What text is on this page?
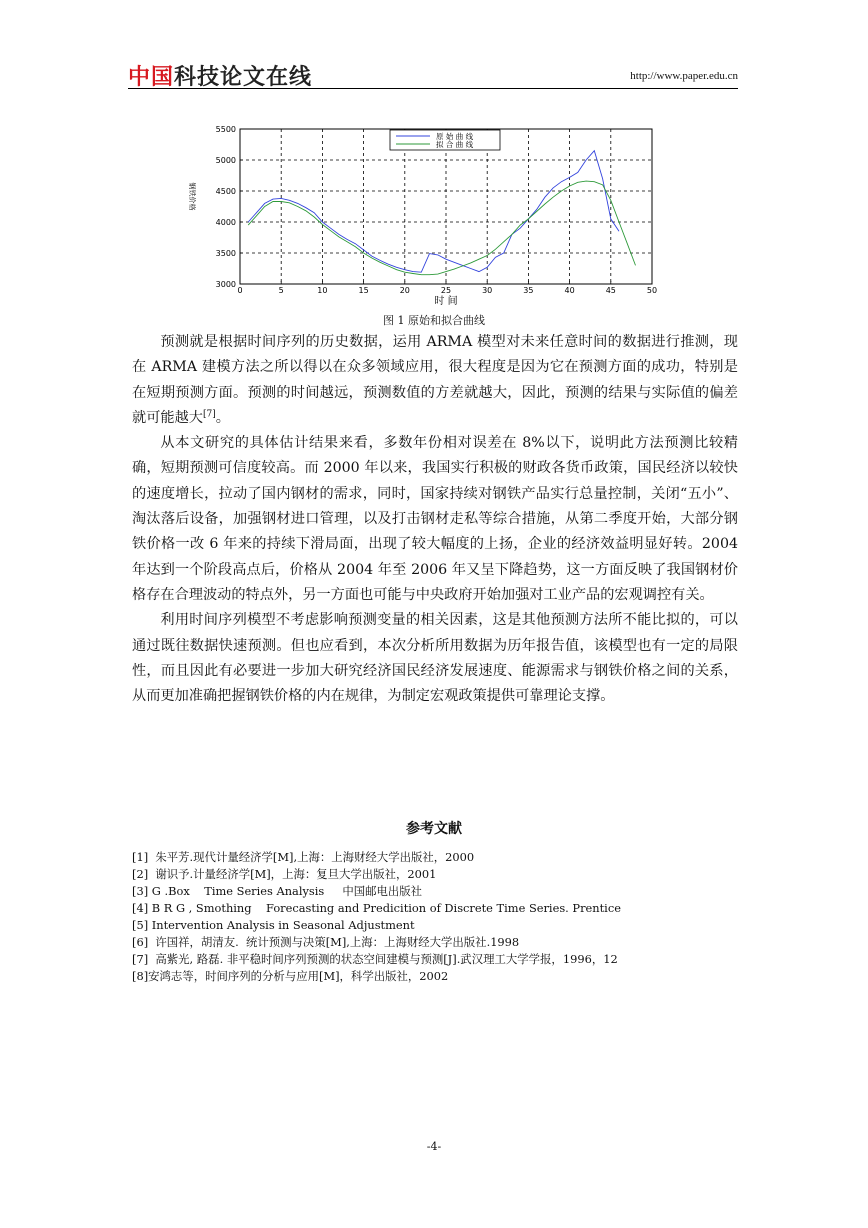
中国科技论文在线	http://www.paper.edu.cn
0	5	10	15	20	25	30	35	40	45	50
3000
3500
4000
4500
5000
5500
时 间
钢铁价格
原 始 曲 线
拟 合 曲 线
图 1 原始和拟合曲线

预测就是根据时间序列的历史数据，运用 ARMA 模型对未来任意时间的数据进行推测，现在 ARMA 建模方法之所以得以在众多领域应用，很大程度是因为它在预测方面的成功，特别是在短期预测方面。预测的时间越远，预测数值的方差就越大，因此，预测的结果与实际值的偏差就可能越大[7]。

从本文研究的具体估计结果来看，多数年份相对误差在 8%以下，说明此方法预测比较精确，短期预测可信度较高。而 2000 年以来，我国实行积极的财政各货币政策，国民经济以较快的速度增长，拉动了国内钢材的需求，同时，国家持续对钢铁产品实行总量控制，关闭“五小”、淘汰落后设备，加强钢材进口管理，以及打击钢材走私等综合措施，从第二季度开始，大部分钢铁价格一改 6 年来的持续下滑局面，出现了较大幅度的上扬，企业的经济效益明显好转。2004 年达到一个阶段高点后，价格从 2004 年至 2006 年又呈下降趋势，这一方面反映了我国钢材价格存在合理波动的特点外，另一方面也可能与中央政府开始加强对工业产品的宏观调控有关。

利用时间序列模型不考虑影响预测变量的相关因素，这是其他预测方法所不能比拟的，可以通过既往数据快速预测。但也应看到，本次分析所用数据为历年报告值，该模型也有一定的局限性，而且因此有必要进一步加大研究经济国民经济发展速度、能源需求与钢铁价格之间的关系，从而更加准确把握钢铁价格的内在规律，为制定宏观政策提供可靠理论支撑。

参考文献
[1]  朱平芳.现代计量经济学[M],上海：上海财经大学出版社，2000
[2]  谢识予.计量经济学[M]，上海：复旦大学出版社，2001
[3] G .Box    Time Series Analysis     中国邮电出版社
[4] B R G , Smothing    Forecasting and Predicition of Discrete Time Series. Prentice
[5] Intervention Analysis in Seasonal Adjustment
[6]  许国祥，胡清友.  统计预测与决策[M],上海：上海财经大学出版社.1998
[7]  高紫光, 路磊. 非平稳时间序列预测的状态空间建模与预测[J].武汉理工大学学报，1996，12
[8]安鸿志等，时间序列的分析与应用[M]，科学出版社，2002
-4-
